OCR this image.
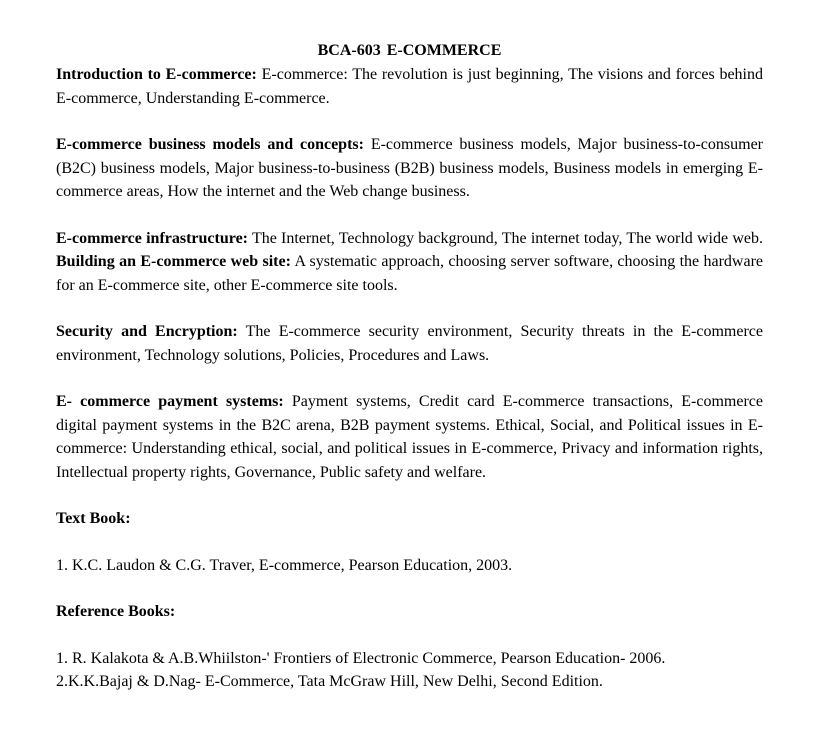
BCA-603 E-COMMERCE

Introduction to E-commerce: E-commerce: The revolution is just beginning, The visions and forces behind E-commerce, Understanding E-commerce.

E-commerce business models and concepts: E-commerce business models, Major business-to-consumer (B2C) business models, Major business-to-business (B2B) business models, Business models in emerging E-commerce areas, How the internet and the Web change business.

E-commerce infrastructure: The Internet, Technology background, The internet today, The world wide web. Building an E-commerce web site: A systematic approach, choosing server software, choosing the hardware for an E-commerce site, other E-commerce site tools.

Security and Encryption: The E-commerce security environment, Security threats in the E-commerce environment, Technology solutions, Policies, Procedures and Laws.

E- commerce payment systems: Payment systems, Credit card E-commerce transactions, E-commerce digital payment systems in the B2C arena, B2B payment systems. Ethical, Social, and Political issues in E-commerce: Understanding ethical, social, and political issues in E-commerce, Privacy and information rights, Intellectual property rights, Governance, Public safety and welfare.

Text Book:
1. K.C. Laudon & C.G. Traver, E-commerce, Pearson Education, 2003.
Reference Books:
1. R. Kalakota & A.B.Whiilston-' Frontiers of Electronic Commerce, Pearson Education- 2006.
2.K.K.Bajaj & D.Nag- E-Commerce, Tata McGraw Hill, New Delhi, Second Edition.
